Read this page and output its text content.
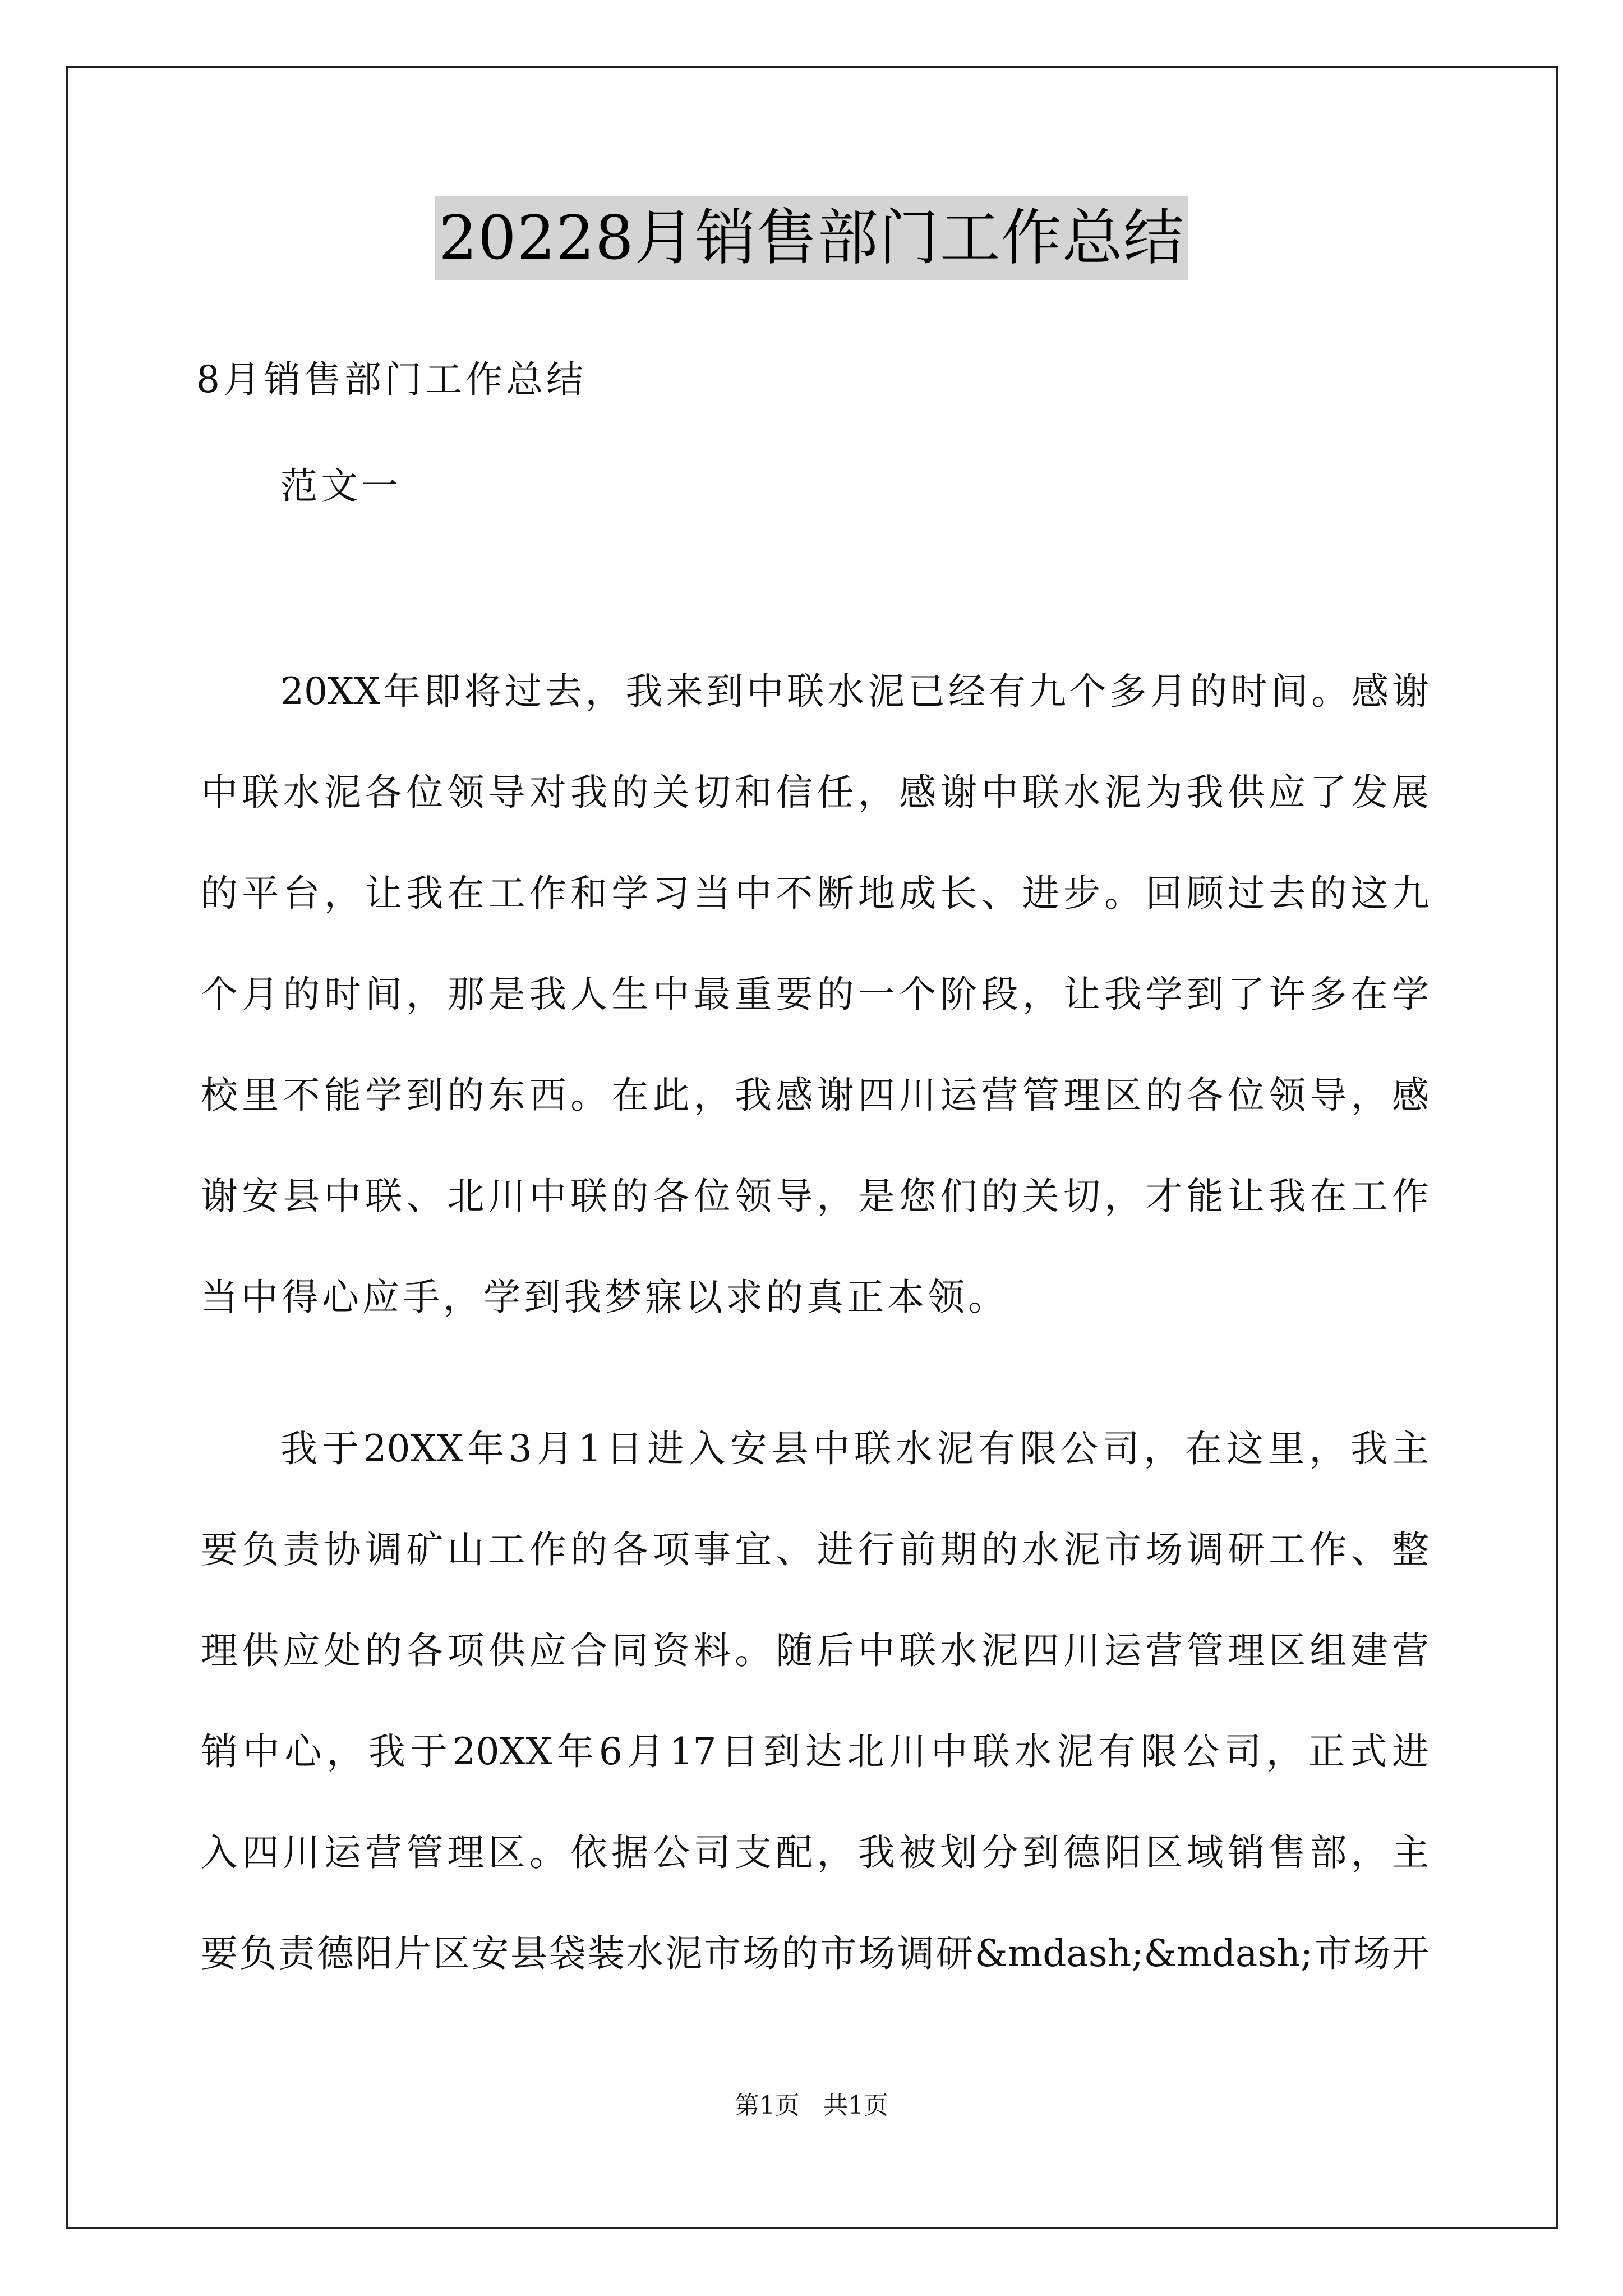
20228月销售部门工作总结
8月销售部门工作总结
范文一
20XX年即将过去，我来到中联水泥已经有九个多月的时间。感谢
中联水泥各位领导对我的关切和信任，感谢中联水泥为我供应了发展
的平台，让我在工作和学习当中不断地成长、进步。回顾过去的这九
个月的时间，那是我人生中最重要的一个阶段，让我学到了许多在学
校里不能学到的东西。在此，我感谢四川运营管理区的各位领导，感
谢安县中联、北川中联的各位领导，是您们的关切，才能让我在工作
当中得心应手，学到我梦寐以求的真正本领。
我于20XX年3月1日进入安县中联水泥有限公司，在这里，我主
要负责协调矿山工作的各项事宜、进行前期的水泥市场调研工作、整
理供应处的各项供应合同资料。随后中联水泥四川运营管理区组建营
销中心，我于20XX年6月17日到达北川中联水泥有限公司，正式进
入四川运营管理区。依据公司支配，我被划分到德阳区域销售部，主
要负责德阳片区安县袋装水泥市场的市场调研&mdash;&mdash;市场开
第1页   共1页
